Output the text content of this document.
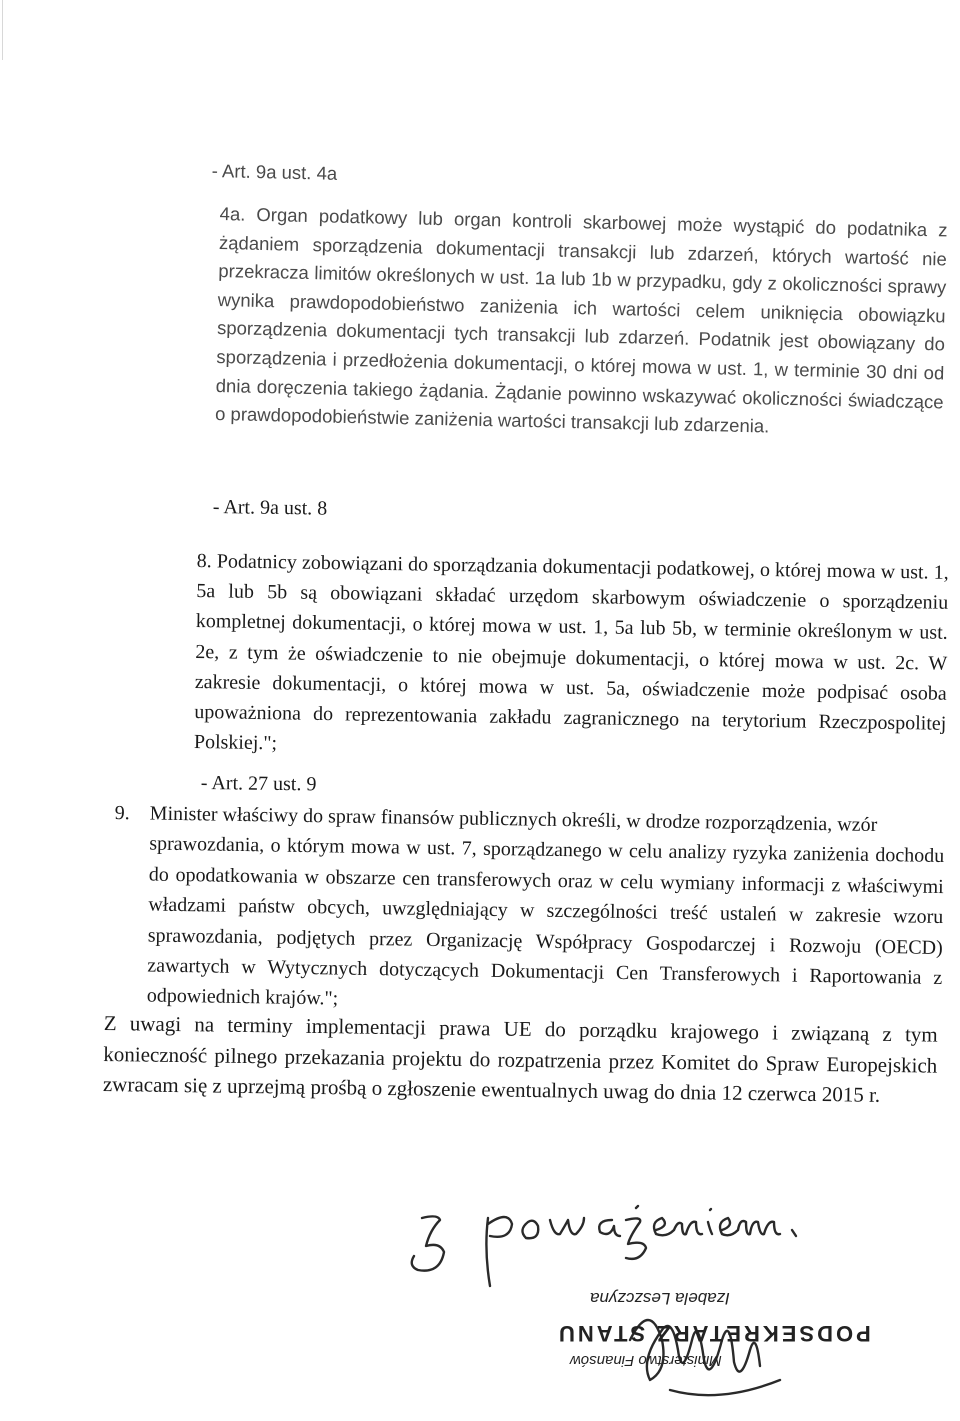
- Art. 9a ust. 4a

4a. Organ podatkowy lub organ kontroli skarbowej może wystąpić do podatnika z żądaniem sporządzenia dokumentacji transakcji lub zdarzeń, których wartość nie przekracza limitów określonych w ust. 1a lub 1b w przypadku, gdy z okoliczności sprawy wynika prawdopodobieństwo zaniżenia ich wartości celem uniknięcia obowiązku sporządzenia dokumentacji tych transakcji lub zdarzeń. Podatnik jest obowiązany do sporządzenia i przedłożenia dokumentacji, o której mowa w ust. 1, w terminie 30 dni od dnia doręczenia takiego żądania. Żądanie powinno wskazywać okoliczności świadczące o prawdopodobieństwie zaniżenia wartości transakcji lub zdarzenia.

- Art. 9a ust. 8

8. Podatnicy zobowiązani do sporządzania dokumentacji podatkowej, o której mowa w ust. 1, 5a lub 5b są obowiązani składać urzędom skarbowym oświadczenie o sporządzeniu kompletnej dokumentacji, o której mowa w ust. 1, 5a lub 5b, w terminie określonym w ust. 2e, z tym że oświadczenie to nie obejmuje dokumentacji, o której mowa w ust. 2c. W zakresie dokumentacji, o której mowa w ust. 5a, oświadczenie może podpisać osoba upoważniona do reprezentowania zakładu zagranicznego na terytorium Rzeczpospolitej Polskiej.";

- Art. 27 ust. 9
9. Minister właściwy do spraw finansów publicznych określi, w drodze rozporządzenia, wzór
sprawozdania, o którym mowa w ust. 7, sporządzanego w celu analizy ryzyka zaniżenia dochodu do opodatkowania w obszarze cen transferowych oraz w celu wymiany informacji z właściwymi władzami państw obcych, uwzględniający w szczególności treść ustaleń w zakresie wzoru sprawozdania, podjętych przez Organizację Współpracy Gospodarczej i Rozwoju (OECD) zawartych w Wytycznych dotyczących Dokumentacji Cen Transferowych i Raportowania z odpowiednich krajów.";

Z uwagi na terminy implementacji prawa UE do porządku krajowego i związaną z tym konieczność pilnego przekazania projektu do rozpatrzenia przez Komitet do Spraw Europejskich zwracam się z uprzejmą prośbą o zgłoszenie ewentualnych uwag do dnia 12 czerwca 2015 r.

Izabela Leszczyna
PODSEKRETARZ STANU
Ministerstwo Finansów
